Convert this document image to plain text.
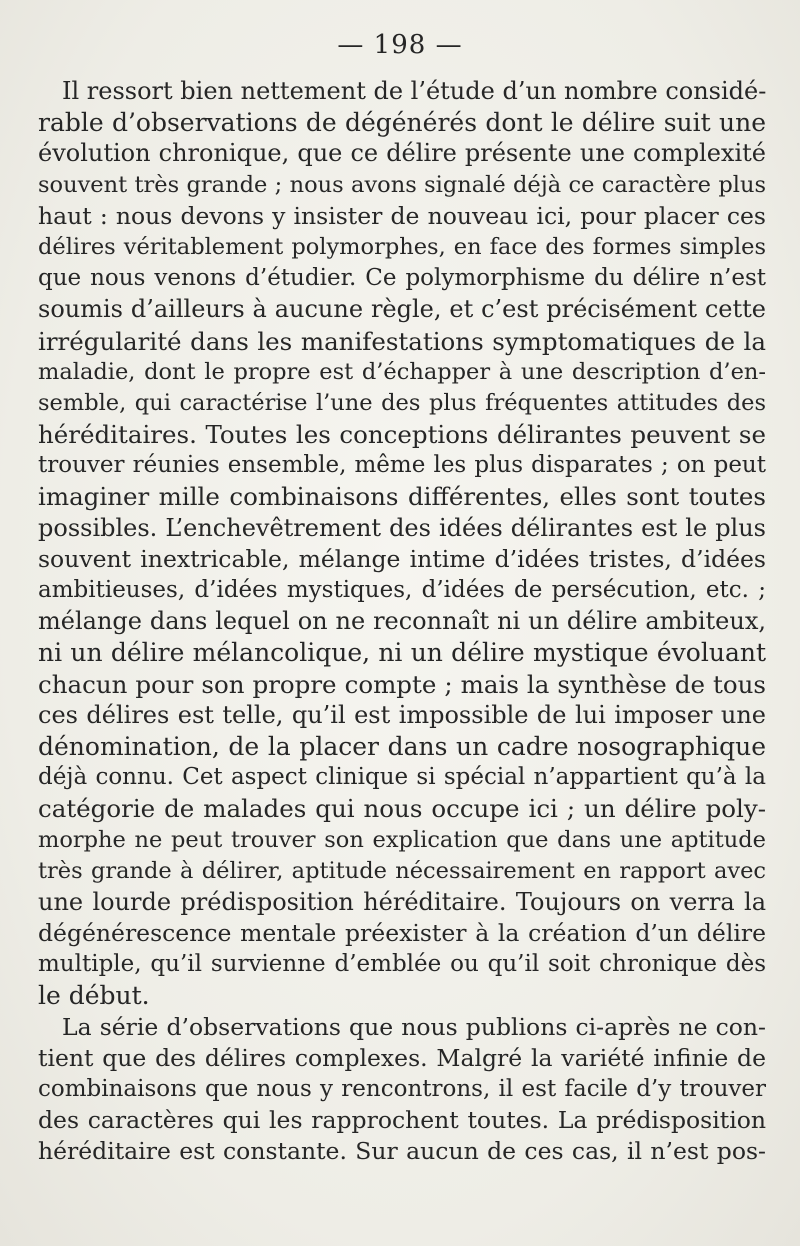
— 198 —
Il ressort bien nettement de l’étude d’un nombre considé-
rable d’observations de dégénérés dont le délire suit une
évolution chronique, que ce délire présente une complexité
souvent très grande ; nous avons signalé déjà ce caractère plus
haut : nous devons y insister de nouveau ici, pour placer ces
délires véritablement polymorphes, en face des formes simples
que nous venons d’étudier. Ce polymorphisme du délire n’est
soumis d’ailleurs à aucune règle, et c’est précisément cette
irrégularité dans les manifestations symptomatiques de la
maladie, dont le propre est d’échapper à une description d’en-
semble, qui caractérise l’une des plus fréquentes attitudes des
héréditaires. Toutes les conceptions délirantes peuvent se
trouver réunies ensemble, même les plus disparates ; on peut
imaginer mille combinaisons différentes, elles sont toutes
possibles. L’enchevêtrement des idées délirantes est le plus
souvent inextricable, mélange intime d’idées tristes, d’idées
ambitieuses, d’idées mystiques, d’idées de persécution, etc. ;
mélange dans lequel on ne reconnaît ni un délire ambiteux,
ni un délire mélancolique, ni un délire mystique évoluant
chacun pour son propre compte ; mais la synthèse de tous
ces délires est telle, qu’il est impossible de lui imposer une
dénomination, de la placer dans un cadre nosographique
déjà connu. Cet aspect clinique si spécial n’appartient qu’à la
catégorie de malades qui nous occupe ici ; un délire poly-
morphe ne peut trouver son explication que dans une aptitude
très grande à délirer, aptitude nécessairement en rapport avec
une lourde prédisposition héréditaire. Toujours on verra la
dégénérescence mentale préexister à la création d’un délire
multiple, qu’il survienne d’emblée ou qu’il soit chronique dès
le début.
La série d’observations que nous publions ci-après ne con-
tient que des délires complexes. Malgré la variété infinie de
combinaisons que nous y rencontrons, il est facile d’y trouver
des caractères qui les rapprochent toutes. La prédisposition
héréditaire est constante. Sur aucun de ces cas, il n’est pos-
